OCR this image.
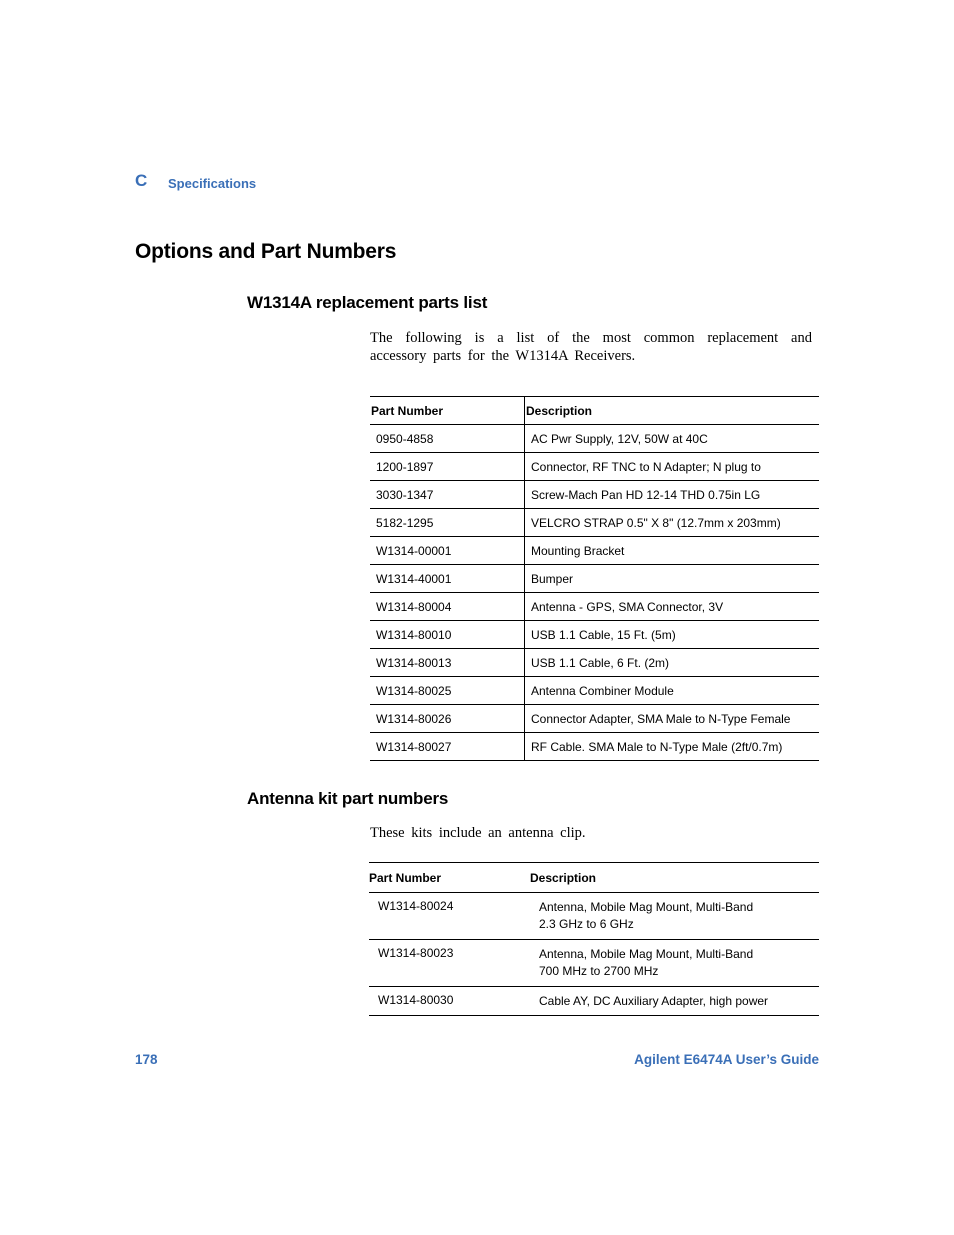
C Specifications
Options and Part Numbers
W1314A replacement parts list
The following is a list of the most common replacement and accessory parts for the W1314A Receivers.
Part Number	Description
0950-4858	AC Pwr Supply, 12V, 50W at 40C
1200-1897	Connector, RF TNC to N Adapter; N plug to
3030-1347	Screw-Mach Pan HD 12-14 THD 0.75in LG
5182-1295	VELCRO STRAP 0.5" X 8" (12.7mm x 203mm)
W1314-00001	Mounting Bracket
W1314-40001	Bumper
W1314-80004	Antenna - GPS, SMA Connector, 3V
W1314-80010	USB 1.1 Cable, 15 Ft. (5m)
W1314-80013	USB 1.1 Cable, 6 Ft. (2m)
W1314-80025	Antenna Combiner Module
W1314-80026	Connector Adapter, SMA Male to N-Type Female
W1314-80027	RF Cable. SMA Male to N-Type Male (2ft/0.7m)
Antenna kit part numbers
These kits include an antenna clip.
Part Number	Description
W1314-80024	Antenna, Mobile Mag Mount, Multi-Band
2.3 GHz to 6 GHz

W1314-80023	Antenna, Mobile Mag Mount, Multi-Band
700 MHz to 2700 MHz

W1314-80030	Cable AY, DC Auxiliary Adapter, high power
178	Agilent E6474A User’s Guide
